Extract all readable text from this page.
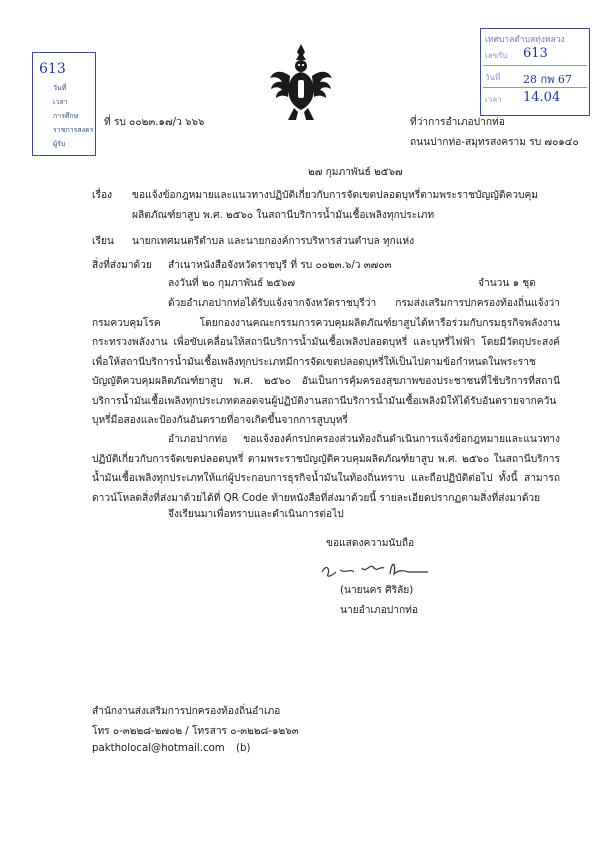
613
วันที่
เวลา
การศึกษ
ราชการสงคร
ผู้รับ
เทศบาลตำบลทุ่งหลวง
เลขรับ 613
วันที่ 28 กพ 67
เวลา 14.04
ที่ รบ ๐๐๒๓.๑๗/ว ๖๖๖	ที่ว่าการอำเภอปากท่อ
ถนนปากท่อ-สมุทรสงคราม รบ ๗๐๑๔๐
๒๗ กุมภาพันธ์ ๒๕๖๗
เรื่อง ขอแจ้งข้อกฎหมายและแนวทางปฏิบัติเกี่ยวกับการจัดเขตปลอดบุหรี่ตามพระราชบัญญัติควบคุม
ผลิตภัณฑ์ยาสูบ พ.ศ. ๒๕๖๐ ในสถานีบริการน้ำมันเชื้อเพลิงทุกประเภท
เรียน นายกเทศมนตรีตำบล และนายกองค์การบริหารส่วนตำบล ทุกแห่ง
สิ่งที่ส่งมาด้วย สำเนาหนังสือจังหวัดราชบุรี ที่ รบ ๐๐๒๓.๖/ว ๓๗๐๓
ลงวันที่ ๒๐ กุมภาพันธ์ ๒๕๖๗	จำนวน ๑ ชุด
ด้วยอำเภอปากท่อได้รับแจ้งจากจังหวัดราชบุรีว่า กรมส่งเสริมการปกครองท้องถิ่นแจ้งว่า กรมควบคุมโรค โดยกองงานคณะกรรมการควบคุมผลิตภัณฑ์ยาสูบได้หารือร่วมกับกรมธุรกิจพลังงาน กระทรวงพลังงาน เพื่อขับเคลื่อนให้สถานีบริการน้ำมันเชื้อเพลิงปลอดบุหรี่ และบุหรี่ไฟฟ้า โดยมีวัตถุประสงค์เพื่อให้สถานีบริการน้ำมันเชื้อเพลิงทุกประเภทมีการจัดเขตปลอดบุหรี่ให้เป็นไปตามข้อกำหนดในพระราชบัญญัติควบคุมผลิตภัณฑ์ยาสูบ พ.ศ. ๒๕๖๐ อันเป็นการคุ้มครองสุขภาพของประชาชนที่ใช้บริการที่สถานีบริการน้ำมันเชื้อเพลิงทุกประเภทตลอดจนผู้ปฏิบัติงานสถานีบริการน้ำมันเชื้อเพลิงมิให้ได้รับอันตรายจากควันบุหรี่มือสองและป้องกันอันตรายที่อาจเกิดขึ้นจากการสูบบุหรี่
อำเภอปากท่อ ขอแจ้งองค์กรปกครองส่วนท้องถิ่นดำเนินการแจ้งข้อกฎหมายและแนวทางปฏิบัติเกี่ยวกับการจัดเขตปลอดบุหรี่ ตามพระราชบัญญัติควบคุมผลิตภัณฑ์ยาสูบ พ.ศ. ๒๕๖๐ ในสถานีบริการน้ำมันเชื้อเพลิงทุกประเภทให้แก่ผู้ประกอบการธุรกิจน้ำมันในท้องถิ่นทราบ และถือปฏิบัติต่อไป ทั้งนี้ สามารถดาวน์โหลดสิ่งที่ส่งมาด้วยได้ที่ QR Code ท้ายหนังสือที่ส่งมาด้วยนี้ รายละเอียดปรากฏตามสิ่งที่ส่งมาด้วย
จึงเรียนมาเพื่อทราบและดำเนินการต่อไป
ขอแสดงความนับถือ
(นายนคร ศิริลัย)
นายอำเภอปากท่อ
สำนักงานส่งเสริมการปกครองท้องถิ่นอำเภอ
โทร ๐-๓๒๒๘-๒๗๐๒ / โทรสาร ๐-๓๒๒๘-๑๒๖๓
paktholocal@hotmail.com (b)
